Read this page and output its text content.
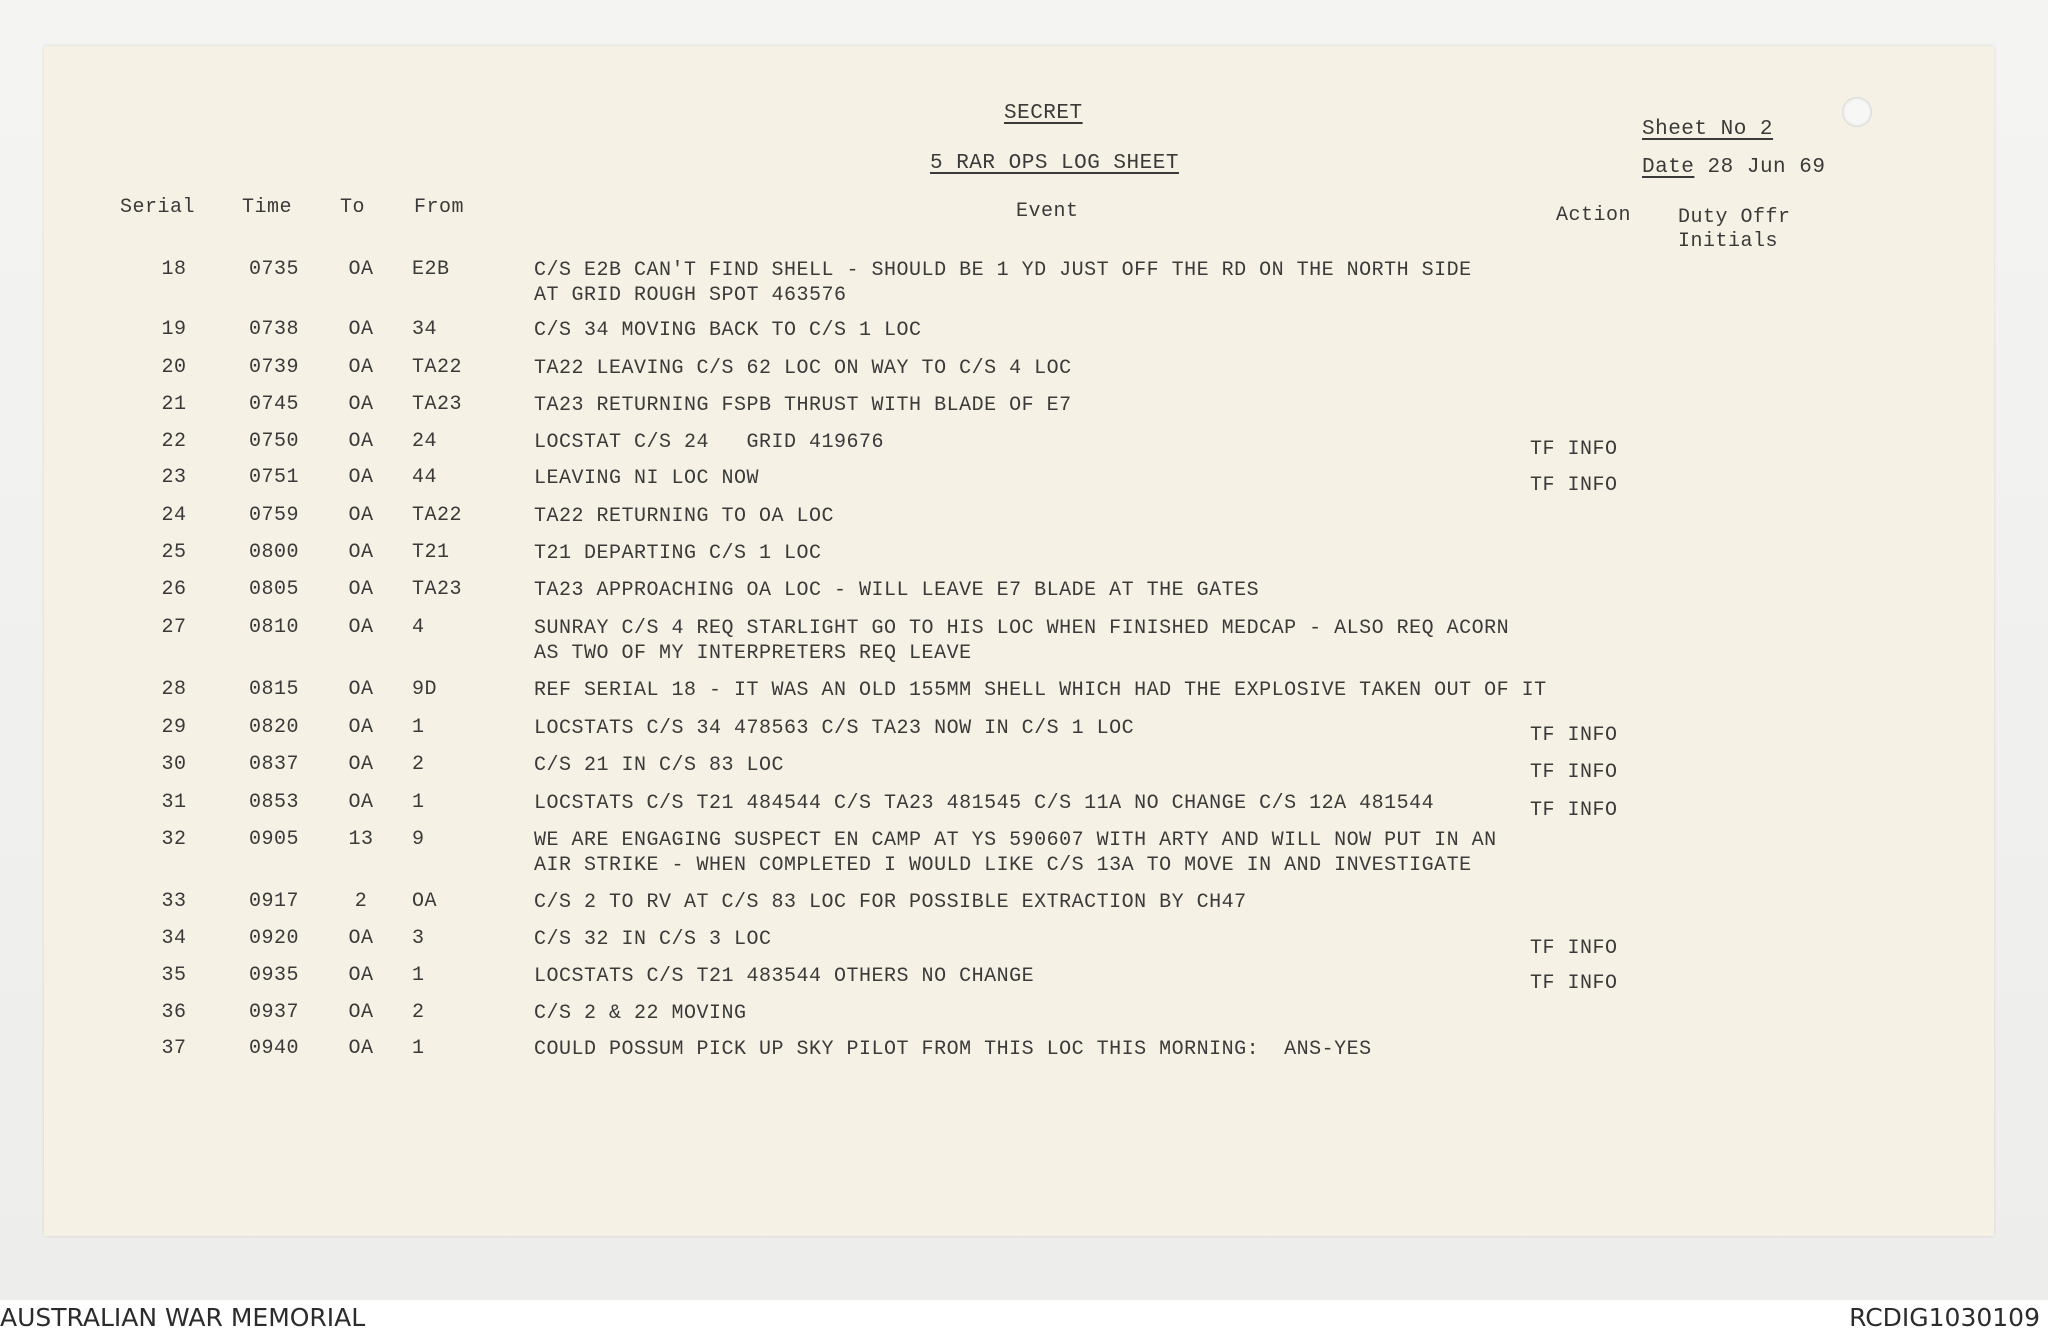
SECRET
5 RAR OPS LOG SHEET
Sheet No 2
Date 28 Jun 69
Serial Time To From	Event	Action Duty Offr
Initials
18	0735	OA	E2B	C/S E2B CAN'T FIND SHELL - SHOULD BE 1 YD JUST OFF THE RD ON THE NORTH SIDE AT GRID ROUGH SPOT 463576
19	0738	OA	34	C/S 34 MOVING BACK TO C/S 1 LOC
20	0739	OA	TA22	TA22 LEAVING C/S 62 LOC ON WAY TO C/S 4 LOC
21	0745	OA	TA23	TA23 RETURNING FSPB THRUST WITH BLADE OF E7
22	0750	OA	24	LOCSTAT C/S 24   GRID 419676	TF INFO
23	0751	OA	44	LEAVING NI LOC NOW	TF INFO
24	0759	OA	TA22	TA22 RETURNING TO OA LOC
25	0800	OA	T21	T21 DEPARTING C/S 1 LOC
26	0805	OA	TA23	TA23 APPROACHING OA LOC - WILL LEAVE E7 BLADE AT THE GATES
27	0810	OA	4	SUNRAY C/S 4 REQ STARLIGHT GO TO HIS LOC WHEN FINISHED MEDCAP - ALSO REQ ACORN AS TWO OF MY INTERPRETERS REQ LEAVE
28	0815	OA	9D	REF SERIAL 18 - IT WAS AN OLD 155MM SHELL WHICH HAD THE EXPLOSIVE TAKEN OUT OF IT
29	0820	OA	1	LOCSTATS C/S 34 478563 C/S TA23 NOW IN C/S 1 LOC	TF INFO
30	0837	OA	2	C/S 21 IN C/S 83 LOC	TF INFO
31	0853	OA	1	LOCSTATS C/S T21 484544 C/S TA23 481545 C/S 11A NO CHANGE C/S 12A 481544	TF INFO
32	0905	13	9	WE ARE ENGAGING SUSPECT EN CAMP AT YS 590607 WITH ARTY AND WILL NOW PUT IN AN AIR STRIKE - WHEN COMPLETED I WOULD LIKE C/S 13A TO MOVE IN AND INVESTIGATE
33	0917	2	OA	C/S 2 TO RV AT C/S 83 LOC FOR POSSIBLE EXTRACTION BY CH47
34	0920	OA	3	C/S 32 IN C/S 3 LOC	TF INFO
35	0935	OA	1	LOCSTATS C/S T21 483544 OTHERS NO CHANGE	TF INFO
36	0937	OA	2	C/S 2 & 22 MOVING
37	0940	OA	1	COULD POSSUM PICK UP SKY PILOT FROM THIS LOC THIS MORNING:  ANS-YES
AUSTRALIAN WAR MEMORIAL	RCDIG1030109
